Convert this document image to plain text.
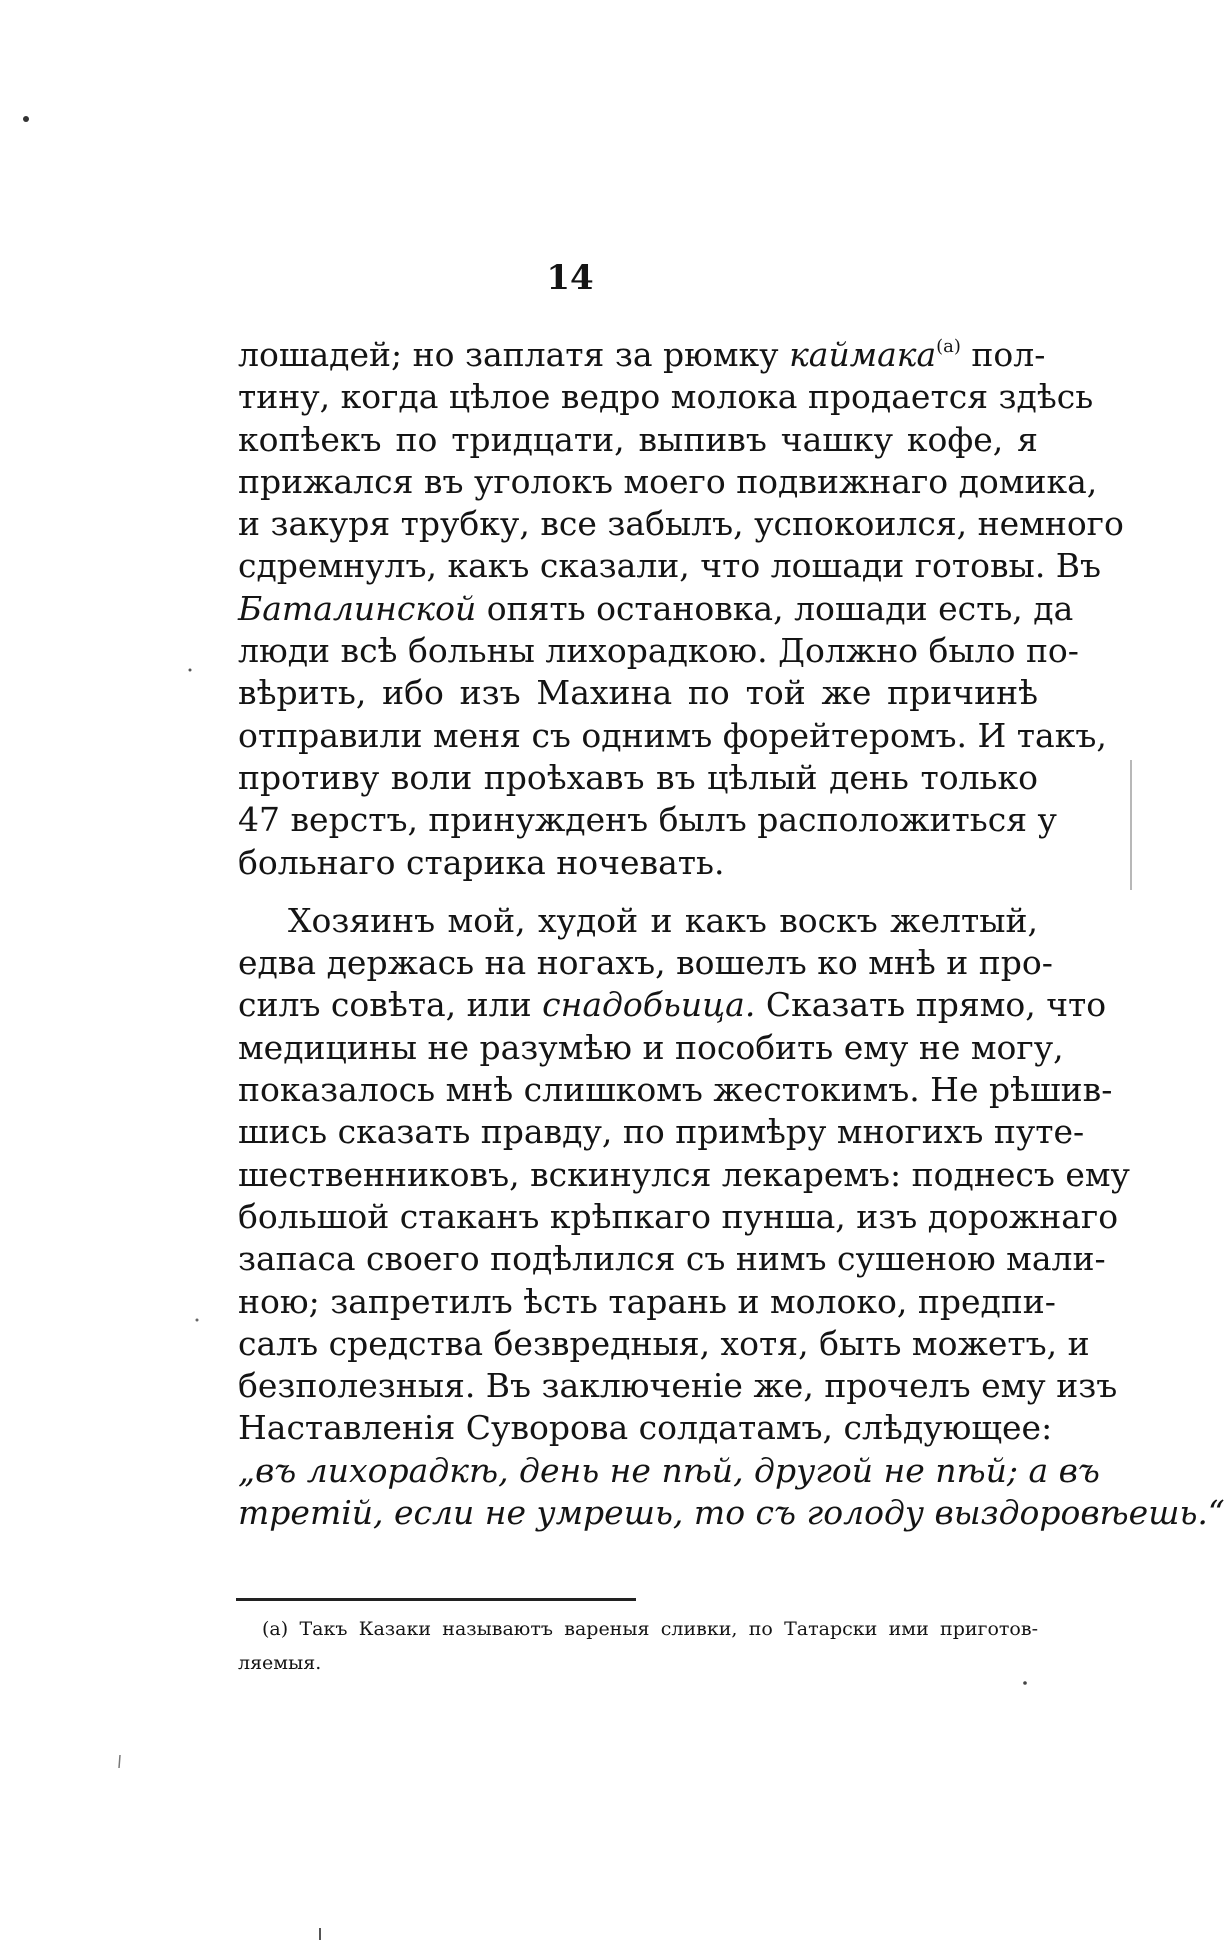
14
лошадей; но заплатя за рюмку каймака$^{(а)}$ пол-
тину, когда цѣлое ведро молока продается здѣсь
копѣекъ по тридцати, выпивъ чашку кофе, я
прижался въ уголокъ моего подвижнаго домика,
и закуря трубку, все забылъ, успокоился, немного
сдремнулъ, какъ сказали, что лошади готовы. Въ
Баталинской опять остановка, лошади есть, да
люди всѣ больны лихорадкою. Должно было по-
вѣрить, ибо изъ Махина по той же причинѣ
отправили меня съ однимъ форейтеромъ. И такъ,
противу воли проѣхавъ въ цѣлый день только
47 верстъ, принужденъ былъ расположиться у
больнаго старика ночевать.
Хозяинъ мой, худой и какъ воскъ желтый,
едва держась на ногахъ, вошелъ ко мнѣ и про-
силъ совѣта, или снадобьица. Сказать прямо, что
медицины не разумѣю и пособить ему не могу,
показалось мнѣ слишкомъ жестокимъ. Не рѣшив-
шись сказать правду, по примѣру многихъ путе-
шественниковъ, вскинулся лекаремъ: поднесъ ему
большой стаканъ крѣпкаго пунша, изъ дорожнаго
запаса своего подѣлился съ нимъ сушеною мали-
ною; запретилъ ѣсть тарань и молоко, предпи-
салъ средства безвредныя, хотя, быть можетъ, и
безполезныя. Въ заключенiе же, прочелъ ему изъ
Наставленiя Суворова солдатамъ, слѣдующее:
„въ лихорадкѣ, день не пѣй, другой не пѣй; а въ
третiй, если не умрешь, то съ голоду выздоровѣешь.“
(а) Такъ Казаки называютъ вареныя сливки, по Татарски ими приготов-
ляемыя.
